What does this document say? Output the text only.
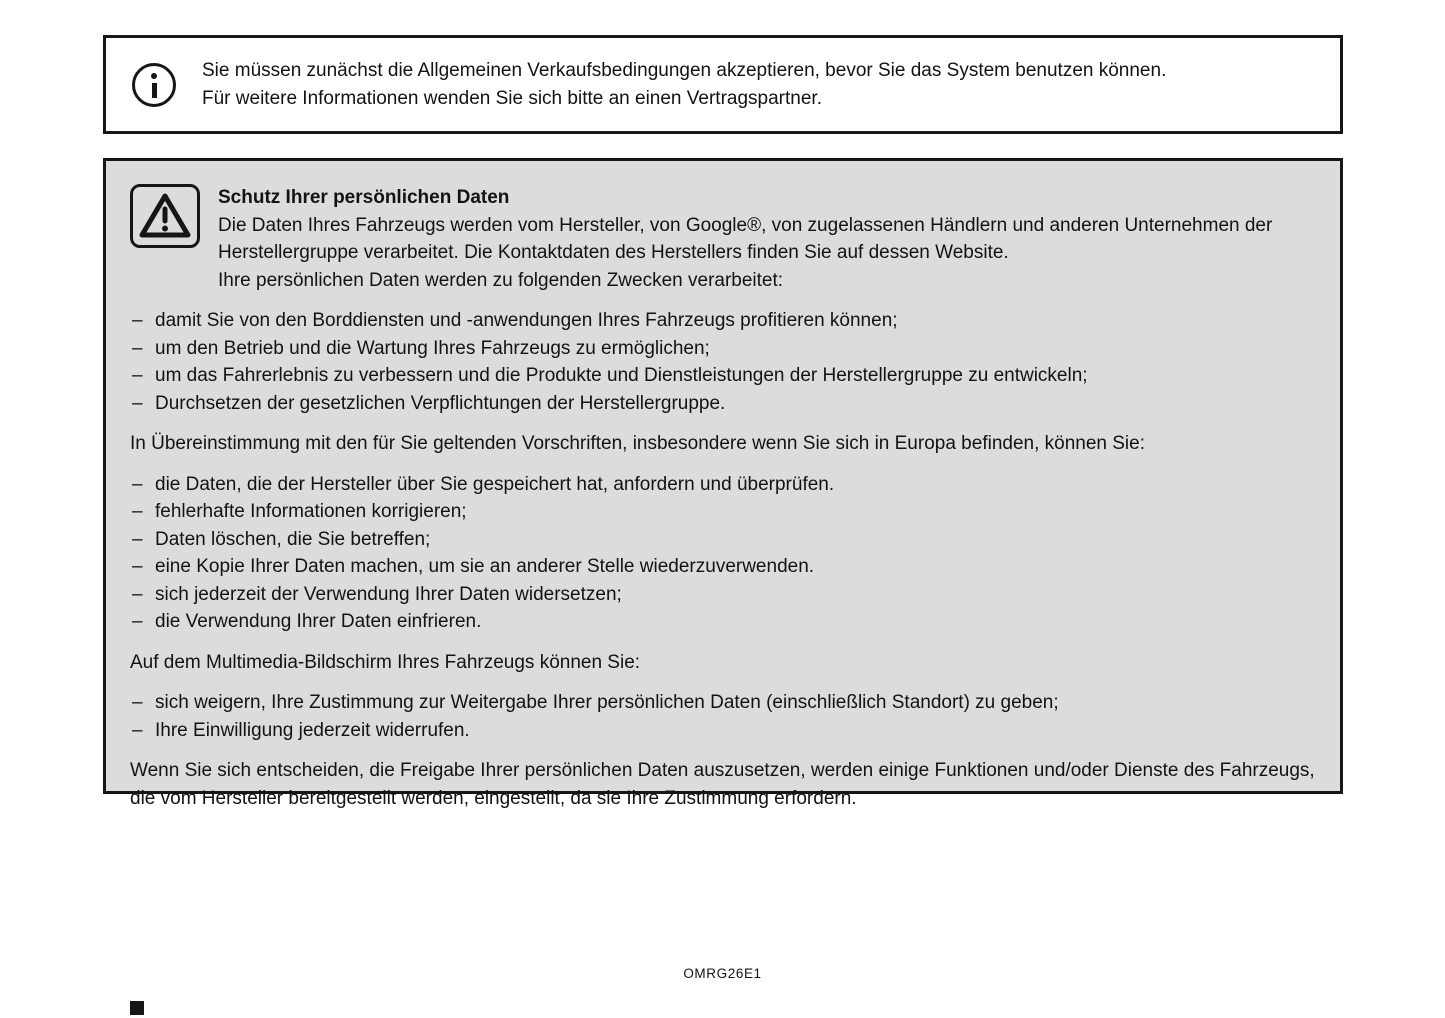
Sie müssen zunächst die Allgemeinen Verkaufsbedingungen akzeptieren, bevor Sie das System benutzen können.
Für weitere Informationen wenden Sie sich bitte an einen Vertragspartner.

Schutz Ihrer persönlichen Daten

Die Daten Ihres Fahrzeugs werden vom Hersteller, von Google®, von zugelassenen Händlern und anderen Unternehmen der Herstellergruppe verarbeitet. Die Kontaktdaten des Herstellers finden Sie auf dessen Website.

Ihre persönlichen Daten werden zu folgenden Zwecken verarbeitet:

– damit Sie von den Borddiensten und -anwendungen Ihres Fahrzeugs profitieren können;
– um den Betrieb und die Wartung Ihres Fahrzeugs zu ermöglichen;
– um das Fahrerlebnis zu verbessern und die Produkte und Dienstleistungen der Herstellergruppe zu entwickeln;
– Durchsetzen der gesetzlichen Verpflichtungen der Herstellergruppe.

In Übereinstimmung mit den für Sie geltenden Vorschriften, insbesondere wenn Sie sich in Europa befinden, können Sie:

– die Daten, die der Hersteller über Sie gespeichert hat, anfordern und überprüfen.
– fehlerhafte Informationen korrigieren;
– Daten löschen, die Sie betreffen;
– eine Kopie Ihrer Daten machen, um sie an anderer Stelle wiederzuverwenden.
– sich jederzeit der Verwendung Ihrer Daten widersetzen;
– die Verwendung Ihrer Daten einfrieren.

Auf dem Multimedia-Bildschirm Ihres Fahrzeugs können Sie:

– sich weigern, Ihre Zustimmung zur Weitergabe Ihrer persönlichen Daten (einschließlich Standort) zu geben;
– Ihre Einwilligung jederzeit widerrufen.

Wenn Sie sich entscheiden, die Freigabe Ihrer persönlichen Daten auszusetzen, werden einige Funktionen und/oder Dienste des Fahrzeugs, die vom Hersteller bereitgestellt werden, eingestellt, da sie Ihre Zustimmung erfordern.

OMRG26E1
